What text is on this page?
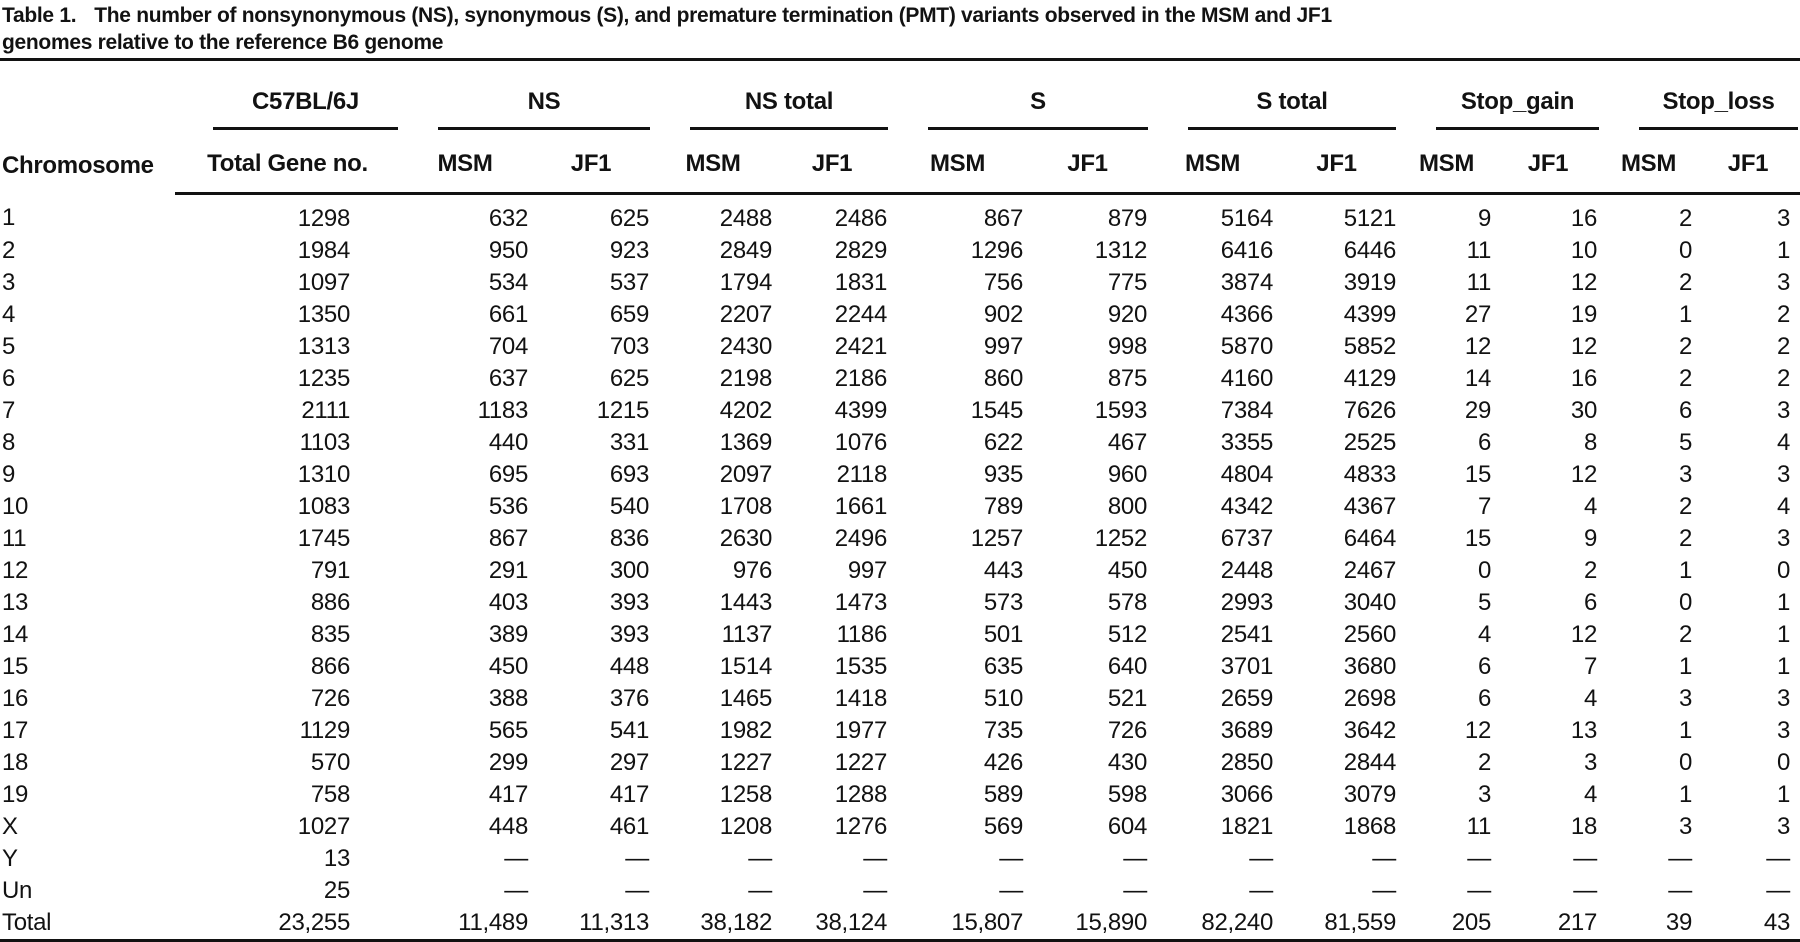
Table 1. The number of nonsynonymous (NS), synonymous (S), and premature termination (PMT) variants observed in the MSM and JF1
genomes relative to the reference B6 genome
Chromosome	C57BL/6J	NS		NS total		S		S total		Stop_gain		Stop_loss	

	Total Gene no.	MSM	JF1	MSM	JF1	MSM	JF1	MSM	JF1	MSM	JF1	MSM	JF1
1	1298	632	625	2488	2486	867	879	5164	5121	9	16	2	3
2	1984	950	923	2849	2829	1296	1312	6416	6446	11	10	0	1
3	1097	534	537	1794	1831	756	775	3874	3919	11	12	2	3
4	1350	661	659	2207	2244	902	920	4366	4399	27	19	1	2
5	1313	704	703	2430	2421	997	998	5870	5852	12	12	2	2
6	1235	637	625	2198	2186	860	875	4160	4129	14	16	2	2
7	2111	1183	1215	4202	4399	1545	1593	7384	7626	29	30	6	3
8	1103	440	331	1369	1076	622	467	3355	2525	6	8	5	4
9	1310	695	693	2097	2118	935	960	4804	4833	15	12	3	3
10	1083	536	540	1708	1661	789	800	4342	4367	7	4	2	4
11	1745	867	836	2630	2496	1257	1252	6737	6464	15	9	2	3
12	791	291	300	976	997	443	450	2448	2467	0	2	1	0
13	886	403	393	1443	1473	573	578	2993	3040	5	6	0	1
14	835	389	393	1137	1186	501	512	2541	2560	4	12	2	1
15	866	450	448	1514	1535	635	640	3701	3680	6	7	1	1
16	726	388	376	1465	1418	510	521	2659	2698	6	4	3	3
17	1129	565	541	1982	1977	735	726	3689	3642	12	13	1	3
18	570	299	297	1227	1227	426	430	2850	2844	2	3	0	0
19	758	417	417	1258	1288	589	598	3066	3079	3	4	1	1
X	1027	448	461	1208	1276	569	604	1821	1868	11	18	3	3
Y	13	—	—	—	—	—	—	—	—	—	—	—	—
Un	25	—	—	—	—	—	—	—	—	—	—	—	—
Total	23,255	11,489	11,313	38,182	38,124	15,807	15,890	82,240	81,559	205	217	39	43
